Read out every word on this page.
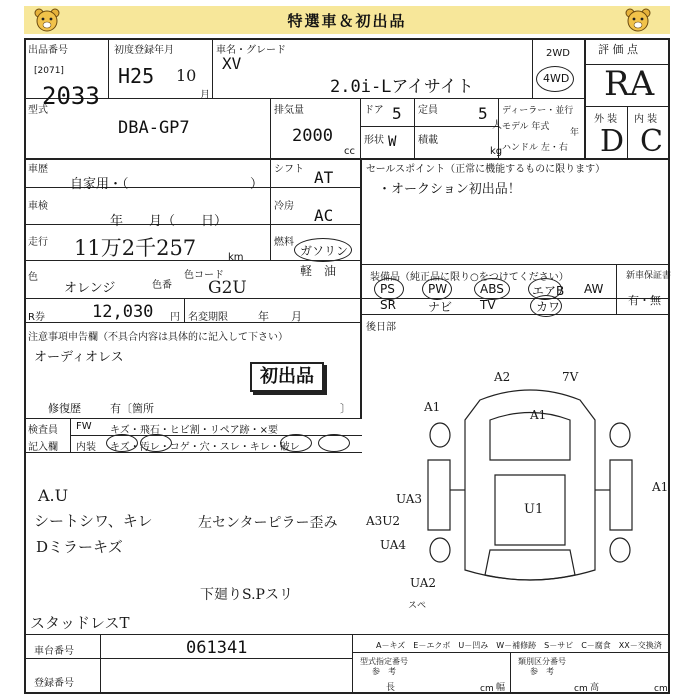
特選車＆初出品
出品番号
[2071]
2033
初度登録年月
H25 10
月
車名・グレード
XV
2.0i-Lアイサイト
2WD
4WD
評 価 点
RA
外 装 内 装
D C
型式
DBA-GP7
排気量
2000
cc
ドア 5 定員	5
人
形状 W 積載
kg
ディーラー・並行
モデル 年式
年
ハンドル 左・右
車歴
自家用・（	）
シフト AT
車検
年　　月（　　日）
冷房 AC
走行 11万2千257	km
燃料
ガソリン
軽　油
色
オレンジ	色番
色コード
G2U
R券	12,030 円 名変期限	年　　月
セールスポイント（正常に機能するものに限ります）
・オークション初出品！
装備品（純正品に限り○をつけてください）
PS	PW	ABS エアB AW
SR	ナビ TV	カワ
新車保証書
有・無
後日部
注意事項申告欄（不具合内容は具体的に記入して下さい）
オーディオレス
初出品
修復歴	有〔箇所	〕
検査員
記入欄
FW キズ・飛石・ヒビ割・リペア跡・×要
内装 キズ・汚レ・コゲ・穴・スレ・キレ・破レ
A.U
シートシワ、キレ
Dミラーキズ
スタッドレスT
左センターピラー歪み
下廻りS.Pスリ
A2	7V
A1
A1
A1
UA3
A3U2
UA4
U1
UA2
スペ
車台番号	061341
登録番号
A－キズ　E－エクボ　U－凹み　W－補修跡　S－サビ　C－腐食　XX－交換済
型式指定番号
参　考
類別区分番号
参　考
長	cm 幅	cm 高	cm
